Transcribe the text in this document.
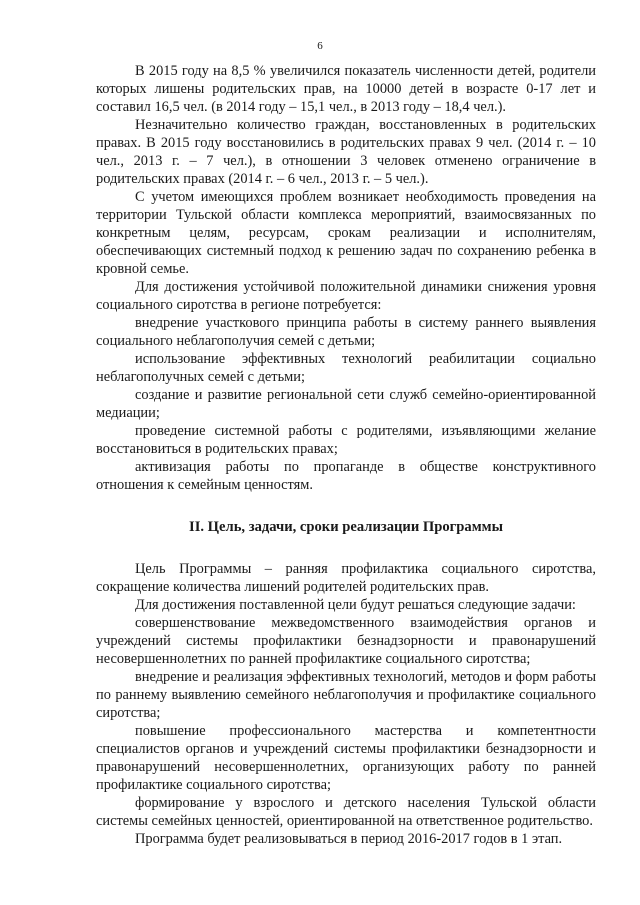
6

В 2015 году на 8,5 % увеличился показатель численности детей, родители которых лишены родительских прав, на 10000 детей в возрасте 0-17 лет и составил 16,5 чел. (в 2014 году – 15,1 чел., в 2013 году – 18,4 чел.).

Незначительно количество граждан, восстановленных в родительских правах. В 2015 году восстановились в родительских правах 9 чел. (2014 г. – 10 чел., 2013 г. – 7 чел.), в отношении 3 человек отменено ограничение в родительских правах (2014 г. – 6 чел., 2013 г. – 5 чел.).

С учетом имеющихся проблем возникает необходимость проведения на территории Тульской области комплекса мероприятий, взаимосвязанных по конкретным целям, ресурсам, срокам реализации и исполнителям, обеспечивающих системный подход к решению задач по сохранению ребенка в кровной семье.

Для достижения устойчивой положительной динамики снижения уровня социального сиротства в регионе потребуется:

внедрение участкового принципа работы в систему раннего выявления социального неблагополучия семей с детьми;

использование эффективных технологий реабилитации социально неблагополучных семей с детьми;

создание и развитие региональной сети служб семейно-ориентированной медиации;

проведение системной работы с родителями, изъявляющими желание восстановиться в родительских правах;

активизация работы по пропаганде в обществе конструктивного отношения к семейным ценностям.

II. Цель, задачи, сроки реализации Программы

Цель Программы – ранняя профилактика социального сиротства, сокращение количества лишений родителей родительских прав.

Для достижения поставленной цели будут решаться следующие задачи:

совершенствование межведомственного взаимодействия органов и учреждений системы профилактики безнадзорности и правонарушений несовершеннолетних по ранней профилактике социального сиротства;

внедрение и реализация эффективных технологий, методов и форм работы по раннему выявлению семейного неблагополучия и профилактике социального сиротства;

повышение профессионального мастерства и компетентности специалистов органов и учреждений системы профилактики безнадзорности и правонарушений несовершеннолетних, организующих работу по ранней профилактике социального сиротства;

формирование у взрослого и детского населения Тульской области системы семейных ценностей, ориентированной на ответственное родительство.

Программа будет реализовываться в период 2016-2017 годов в 1 этап.
